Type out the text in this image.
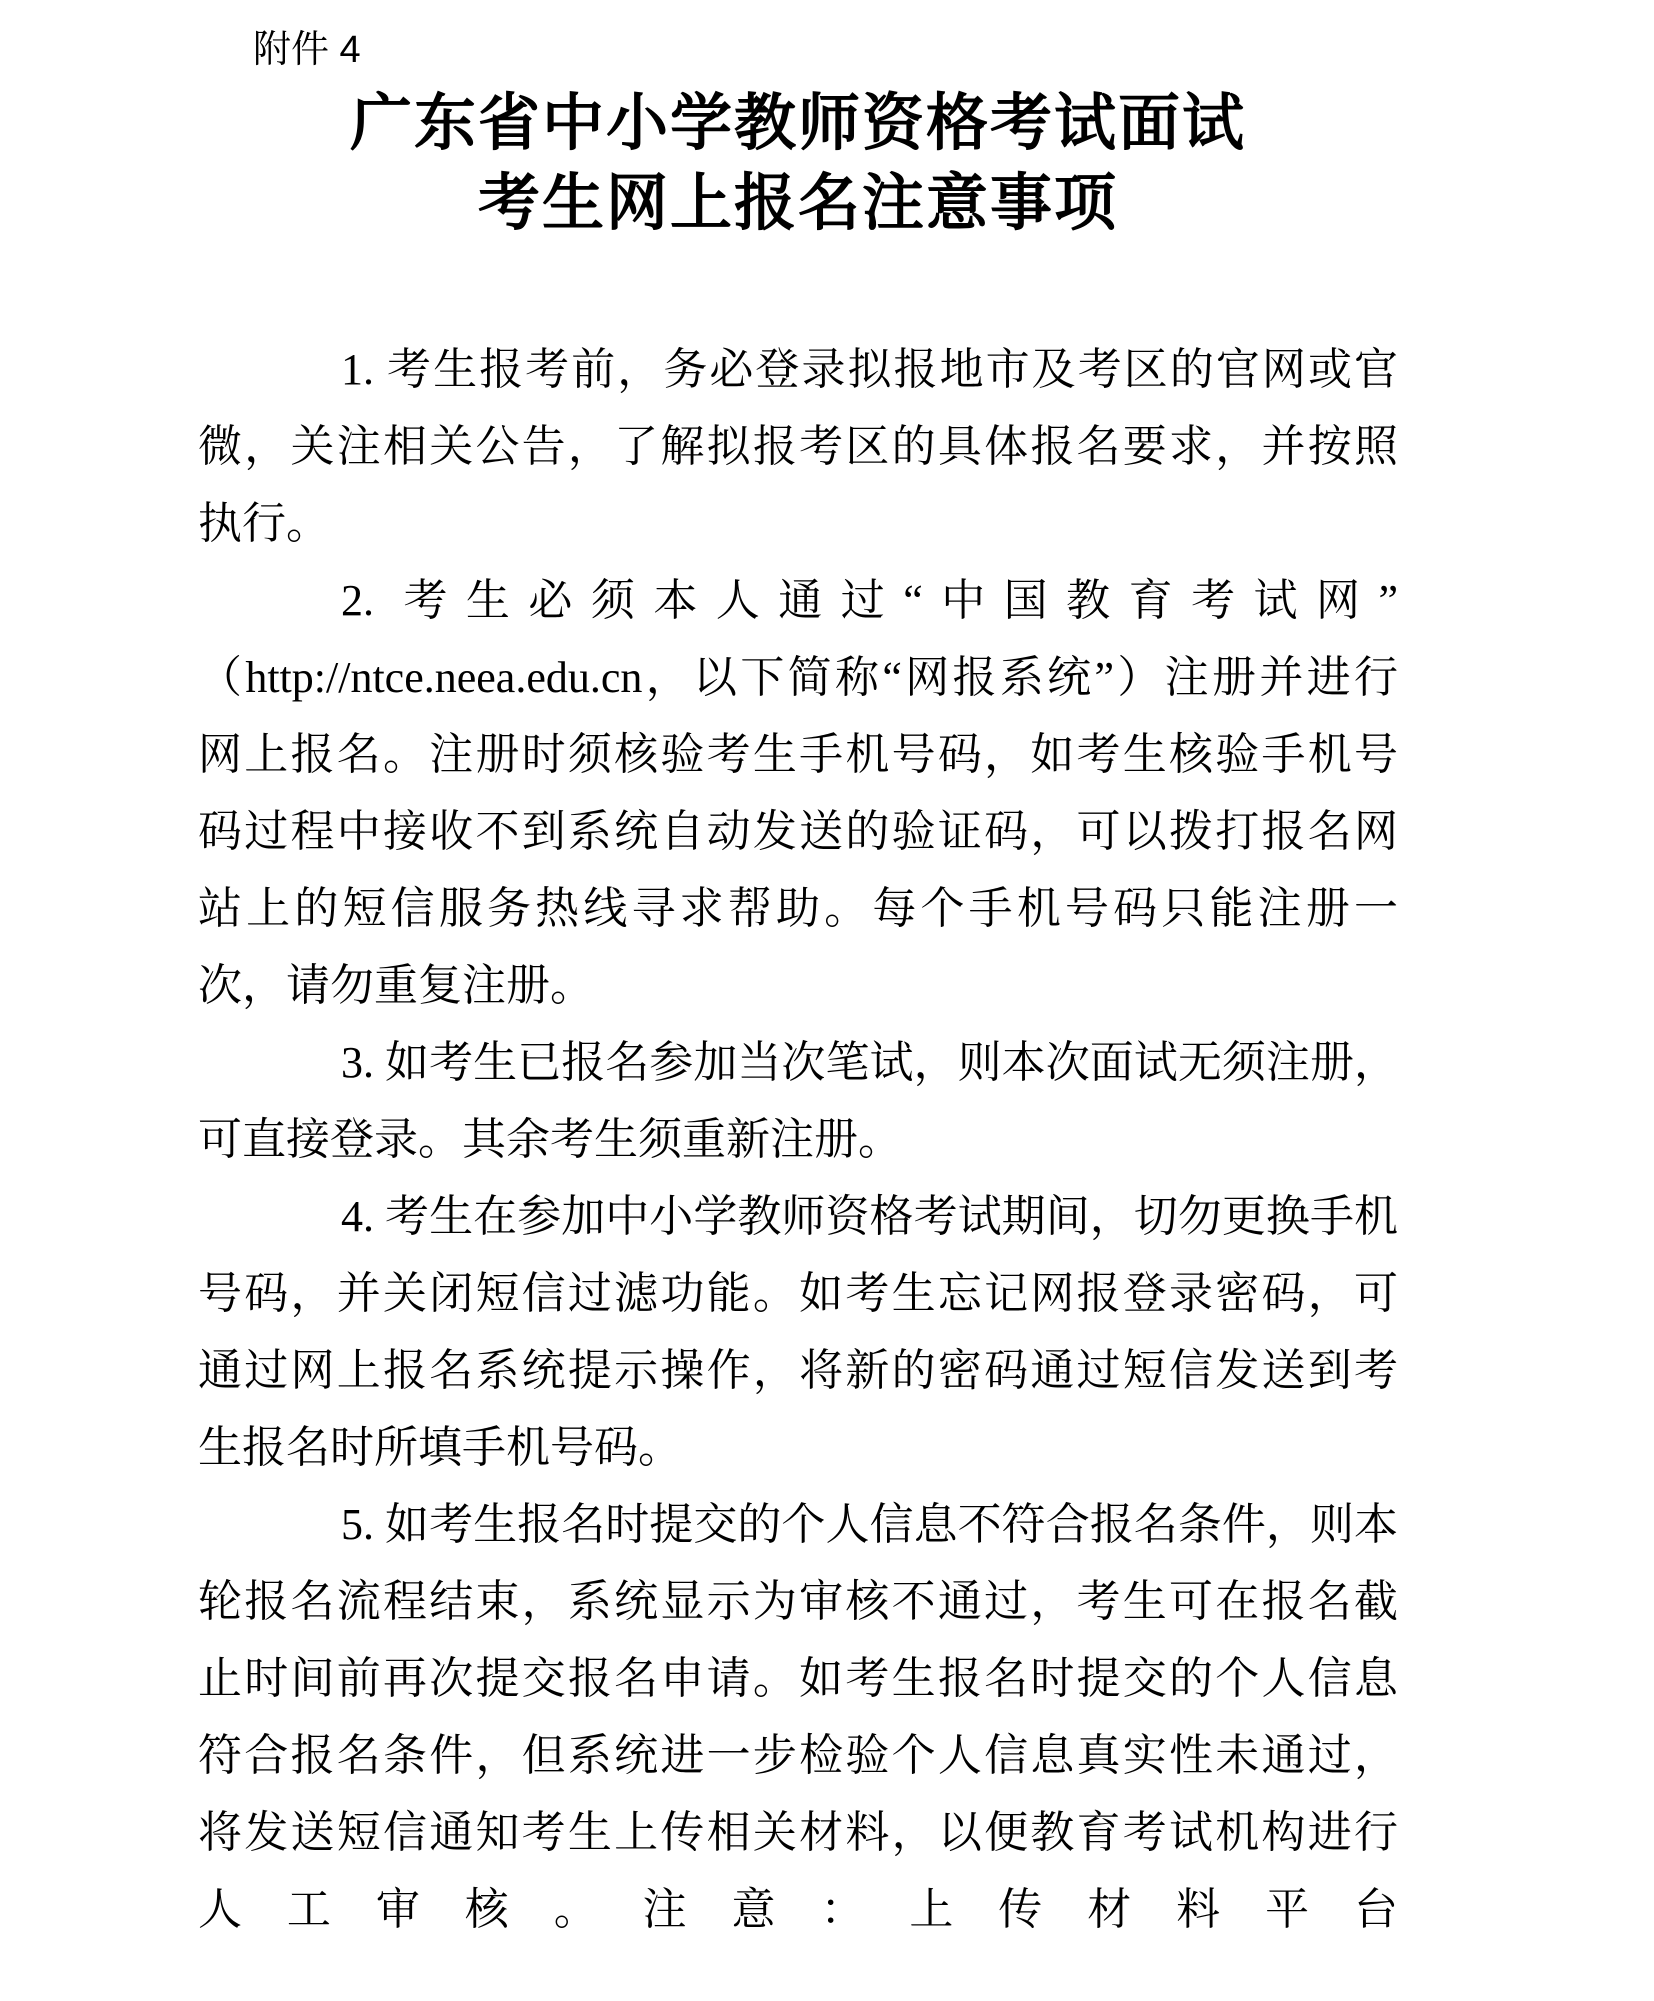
附件 4
广东省中小学教师资格考试面试
考生网上报名注意事项
1. 考生报考前，务必登录拟报地市及考区的官网或官
微，关注相关公告，了解拟报考区的具体报名要求，并按照
执行。
2. 考生必须本人通过“中国教育考试网”
（http://ntce.neea.edu.cn，以下简称“网报系统”）注册并进行
网上报名。注册时须核验考生手机号码，如考生核验手机号
码过程中接收不到系统自动发送的验证码，可以拨打报名网
站上的短信服务热线寻求帮助。每个手机号码只能注册一
次，请勿重复注册。
3. 如考生已报名参加当次笔试，则本次面试无须注册，
可直接登录。其余考生须重新注册。
4. 考生在参加中小学教师资格考试期间，切勿更换手机
号码，并关闭短信过滤功能。如考生忘记网报登录密码，可
通过网上报名系统提示操作，将新的密码通过短信发送到考
生报名时所填手机号码。
5. 如考生报名时提交的个人信息不符合报名条件，则本
轮报名流程结束，系统显示为审核不通过，考生可在报名截
止时间前再次提交报名申请。如考生报名时提交的个人信息
符合报名条件，但系统进一步检验个人信息真实性未通过，
将发送短信通知考生上传相关材料，以便教育考试机构进行
人工审核。注意：上传材料平台
